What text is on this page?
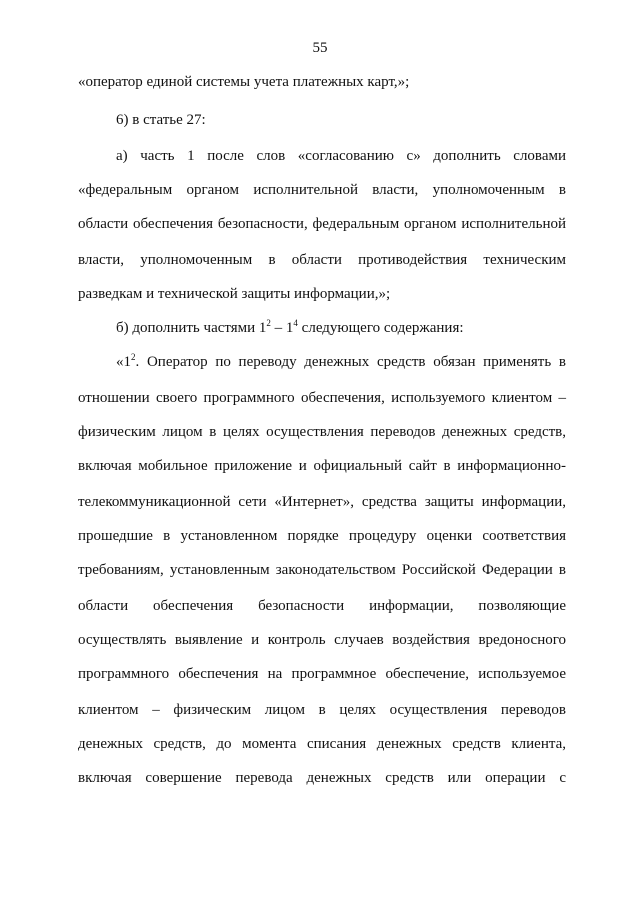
55
«оператор единой системы учета платежных карт,»;
6) в статье 27:
а) часть 1 после слов «согласованию с» дополнить словами
«федеральным органом исполнительной власти, уполномоченным в
области обеспечения безопасности, федеральным органом исполнительной
власти, уполномоченным в области противодействия техническим
разведкам и технической защиты информации,»;
б) дополнить частями $1^2 - 1^4$ следующего содержания:
«$1^2$. Оператор по переводу денежных средств обязан применять в
отношении своего программного обеспечения, используемого клиентом –
физическим лицом в целях осуществления переводов денежных средств,
включая мобильное приложение и официальный сайт в информационно-
телекоммуникационной сети «Интернет», средства защиты информации,
прошедшие в установленном порядке процедуру оценки соответствия
требованиям, установленным законодательством Российской Федерации в
области обеспечения безопасности информации, позволяющие
осуществлять выявление и контроль случаев воздействия вредоносного
программного обеспечения на программное обеспечение, используемое
клиентом – физическим лицом в целях осуществления переводов
денежных средств, до момента списания денежных средств клиента,
включая совершение перевода денежных средств или операции с
